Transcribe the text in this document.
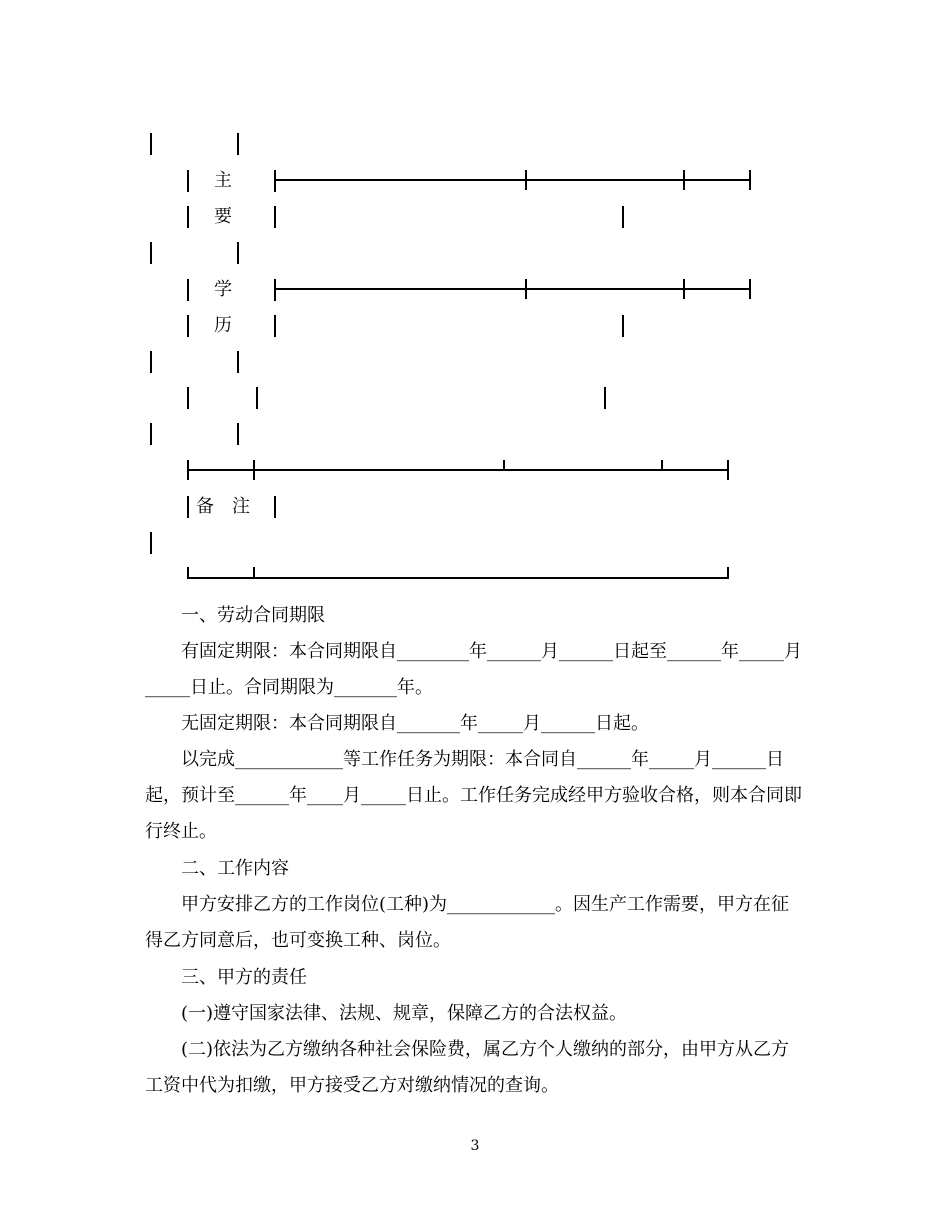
主
要
学
历
备　注

一、劳动合同期限

有固定期限：本合同期限自________年______月______日起至______年_____月_____日止。合同期限为_______年。

无固定期限：本合同期限自_______年_____月______日起。

以完成____________等工作任务为期限：本合同自______年_____月______日起，预计至______年____月_____日止。工作任务完成经甲方验收合格，则本合同即行终止。

二、工作内容

甲方安排乙方的工作岗位(工种)为____________。因生产工作需要，甲方在征得乙方同意后，也可变换工种、岗位。

三、甲方的责任

(一)遵守国家法律、法规、规章，保障乙方的合法权益。

(二)依法为乙方缴纳各种社会保险费，属乙方个人缴纳的部分，由甲方从乙方工资中代为扣缴，甲方接受乙方对缴纳情况的查询。

3
